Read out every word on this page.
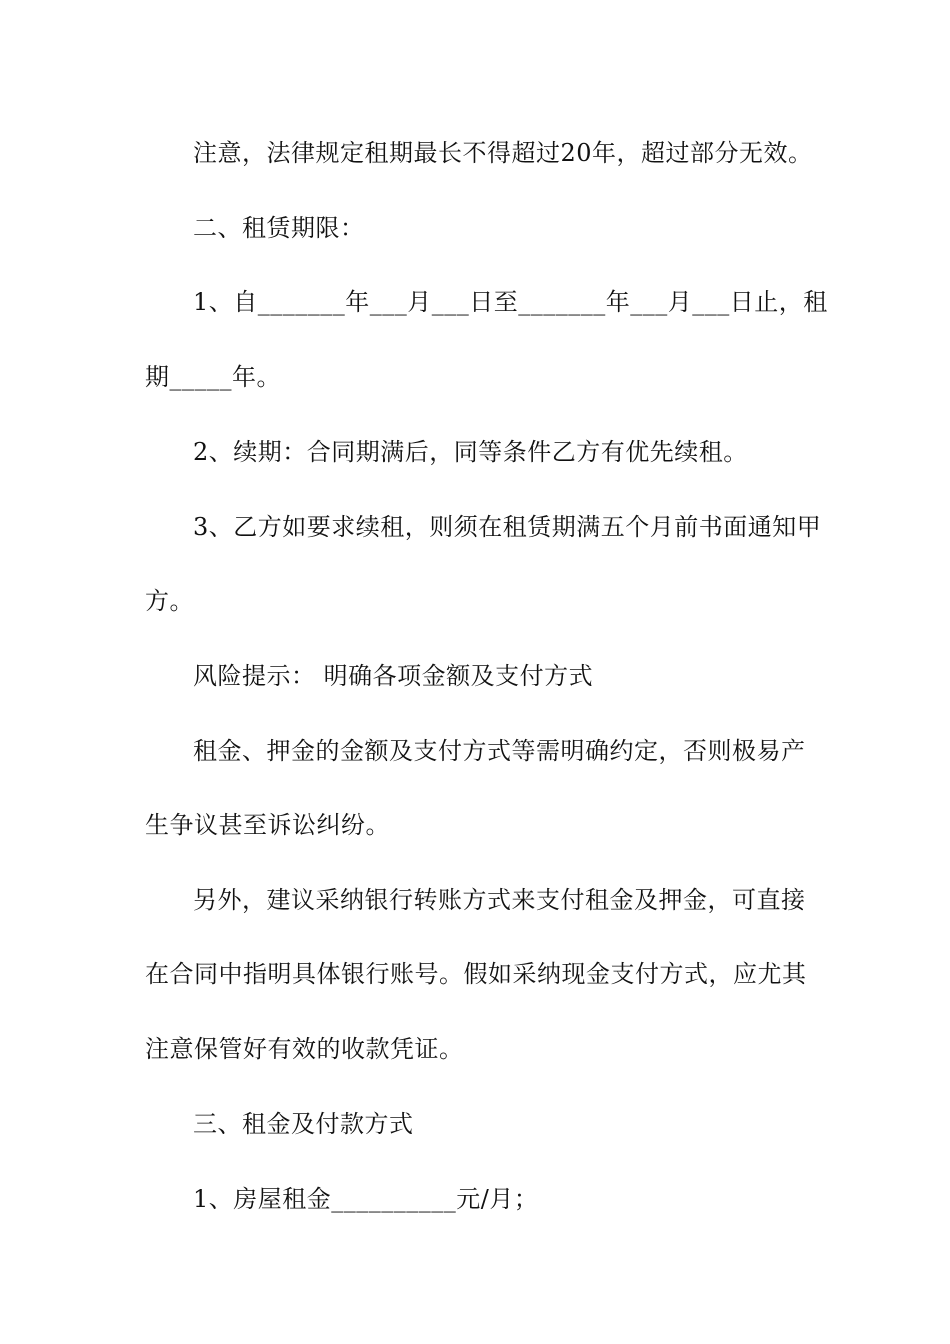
注意，法律规定租期最长不得超过20年，超过部分无效。
二、租赁期限：
1、自_______年___月___日至_______年___月___日止，租
期_____年。
2、续期：合同期满后，同等条件乙方有优先续租。
3、乙方如要求续租，则须在租赁期满五个月前书面通知甲
方。
风险提示： 明确各项金额及支付方式
租金、押金的金额及支付方式等需明确约定，否则极易产
生争议甚至诉讼纠纷。
另外，建议采纳银行转账方式来支付租金及押金，可直接
在合同中指明具体银行账号。假如采纳现金支付方式，应尤其
注意保管好有效的收款凭证。
三、租金及付款方式
1、房屋租金__________元/月；
